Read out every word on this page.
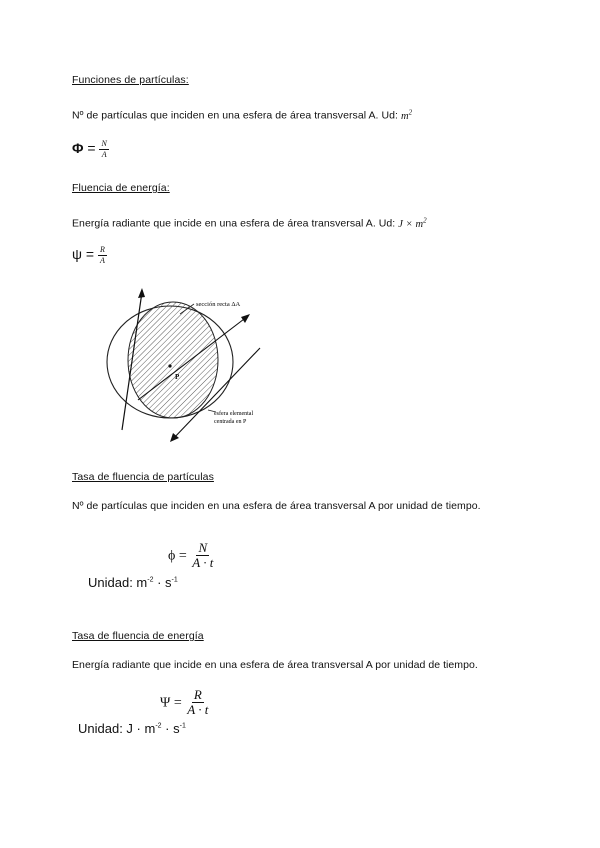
Funciones de partículas:
Nº de partículas que inciden en una esfera de área transversal A. Ud: $m^2$
$\Phi = \frac{N}{A}$
Fluencia de energía:
Energía radiante que incide en una esfera de área transversal A. Ud: $J \times m^2$
$\psi = \frac{R}{A}$
P
sección recta ΔA
esfera elemental
centrada en P
Tasa de fluencia de partículas
Nº de partículas que inciden en una esfera de área transversal A por unidad de tiempo.
$\phi = \frac{N}{A \cdot t}$
Unidad: $m^{-2} \cdot s^{-1}$
Tasa de fluencia de energía
Energía radiante que incide en una esfera de área transversal A por unidad de tiempo.
$\Psi = \frac{R}{A \cdot t}$
Unidad: $J \cdot m^{-2} \cdot s^{-1}$
